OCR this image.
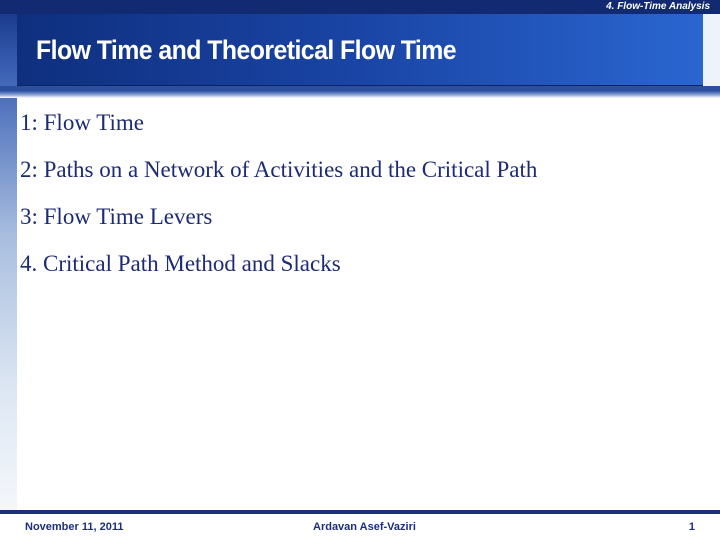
4. Flow-Time Analysis
Flow Time and Theoretical Flow Time
1: Flow Time
2: Paths on a Network of Activities and the Critical Path
3: Flow Time Levers
4. Critical Path Method and Slacks
November 11, 2011	Ardavan Asef-Vaziri	1
